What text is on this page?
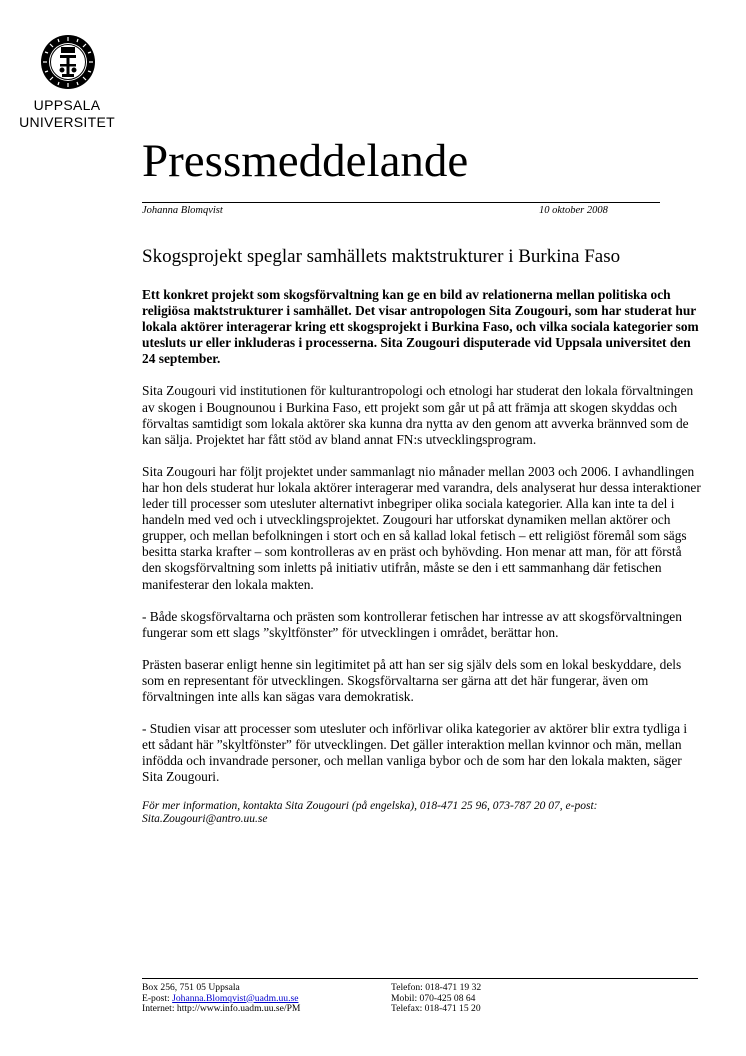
UPPSALA
UNIVERSITET
Pressmeddelande
Johanna Blomqvist	10 oktober 2008
Skogsprojekt speglar samhällets maktstrukturer i Burkina Faso

Ett konkret projekt som skogsförvaltning kan ge en bild av relationerna mellan politiska och religiösa maktstrukturer i samhället. Det visar antropologen Sita Zougouri, som har studerat hur lokala aktörer interagerar kring ett skogsprojekt i Burkina Faso, och vilka sociala kategorier som utesluts ur eller inkluderas i processerna. Sita Zougouri disputerade vid Uppsala universitet den 24 september.

Sita Zougouri vid institutionen för kulturantropologi och etnologi har studerat den lokala förvaltningen av skogen i Bougnounou i Burkina Faso, ett projekt som går ut på att främja att skogen skyddas och förvaltas samtidigt som lokala aktörer ska kunna dra nytta av den genom att avverka brännved som de kan sälja. Projektet har fått stöd av bland annat FN:s utvecklingsprogram.

Sita Zougouri har följt projektet under sammanlagt nio månader mellan 2003 och 2006. I avhandlingen har hon dels studerat hur lokala aktörer interagerar med varandra, dels analyserat hur dessa interaktioner leder till processer som utesluter alternativt inbegriper olika sociala kategorier. Alla kan inte ta del i handeln med ved och i utvecklingsprojektet. Zougouri har utforskat dynamiken mellan aktörer och grupper, och mellan befolkningen i stort och en så kallad lokal fetisch – ett religiöst föremål som sägs besitta starka krafter – som kontrolleras av en präst och byhövding. Hon menar att man, för att förstå den skogsförvaltning som inletts på initiativ utifrån, måste se den i ett sammanhang där fetischen manifesterar den lokala makten.

- Både skogsförvaltarna och prästen som kontrollerar fetischen har intresse av att skogsförvaltningen fungerar som ett slags ”skyltfönster” för utvecklingen i området, berättar hon.

Prästen baserar enligt henne sin legitimitet på att han ser sig själv dels som en lokal beskyddare, dels som en representant för utvecklingen. Skogsförvaltarna ser gärna att det här fungerar, även om förvaltningen inte alls kan sägas vara demokratisk.

- Studien visar att processer som utesluter och införlivar olika kategorier av aktörer blir extra tydliga i ett sådant här ”skyltfönster” för utvecklingen. Det gäller interaktion mellan kvinnor och män, mellan infödda och invandrade personer, och mellan vanliga bybor och de som har den lokala makten, säger Sita Zougouri.

För mer information, kontakta Sita Zougouri (på engelska), 018-471 25 96, 073-787 20 07, e-post: Sita.Zougouri@antro.uu.se

Box 256, 751 05 Uppsala
E-post: Johanna.Blomqvist@uadm.uu.se
Internet: http://www.info.uadm.uu.se/PM
Telefon: 018-471 19 32
Mobil: 070-425 08 64
Telefax: 018-471 15 20
